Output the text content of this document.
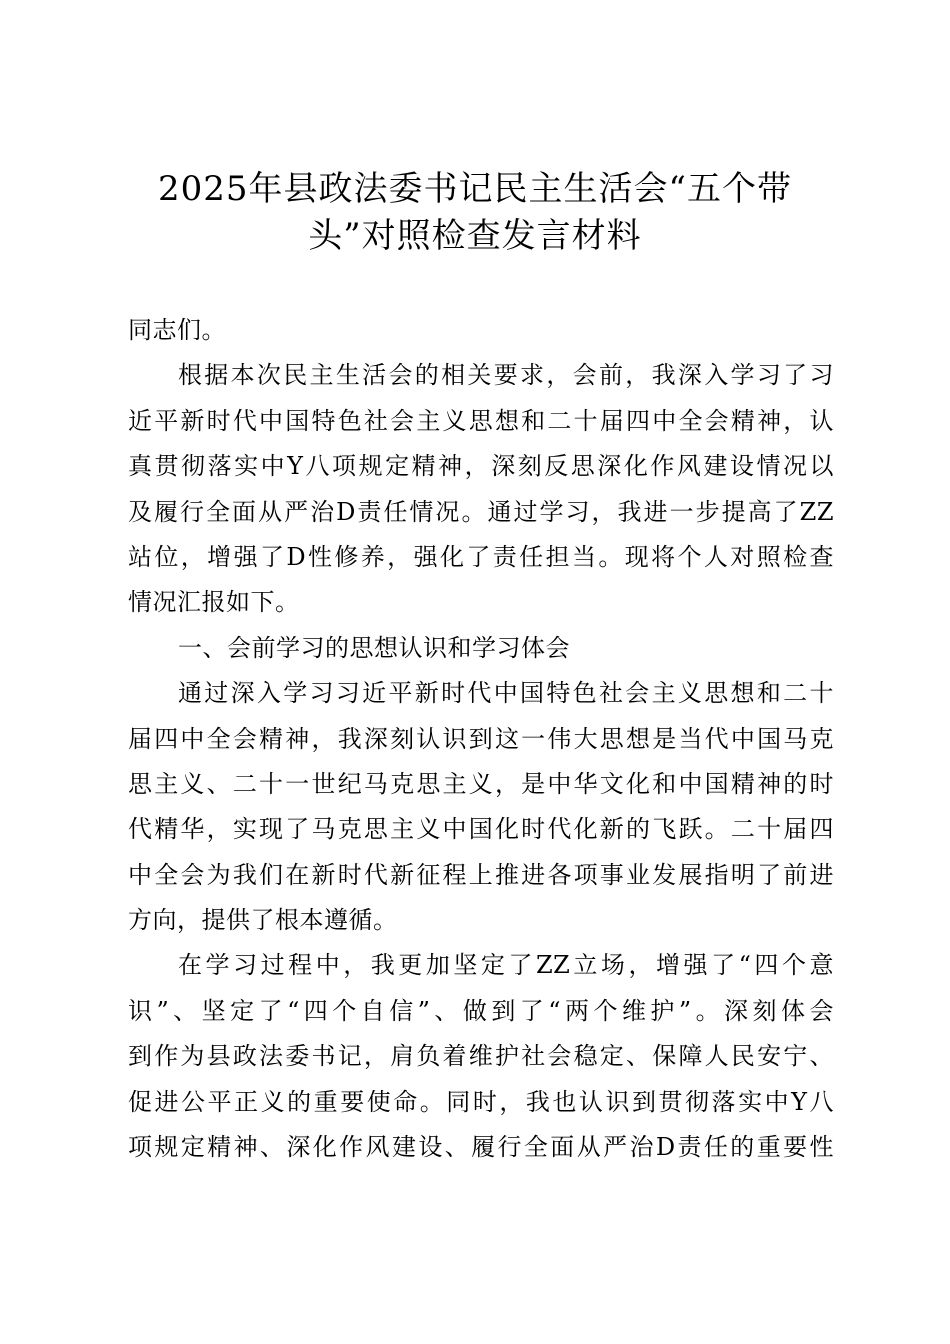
2025年县政法委书记民主生活会“五个带
头”对照检查发言材料
同志们。
根据本次民主生活会的相关要求，会前，我深入学习了习
近平新时代中国特色社会主义思想和二十届四中全会精神，认
真贯彻落实中Y八项规定精神，深刻反思深化作风建设情况以
及履行全面从严治D责任情况。通过学习，我进一步提高了ZZ
站位，增强了D性修养，强化了责任担当。现将个人对照检查
情况汇报如下。
一、会前学习的思想认识和学习体会
通过深入学习习近平新时代中国特色社会主义思想和二十
届四中全会精神，我深刻认识到这一伟大思想是当代中国马克
思主义、二十一世纪马克思主义，是中华文化和中国精神的时
代精华，实现了马克思主义中国化时代化新的飞跃。二十届四
中全会为我们在新时代新征程上推进各项事业发展指明了前进
方向，提供了根本遵循。
在学习过程中，我更加坚定了ZZ立场，增强了“四个意
识”、坚定了“四个自信”、做到了“两个维护”。深刻体会
到作为县政法委书记，肩负着维护社会稳定、保障人民安宁、
促进公平正义的重要使命。同时，我也认识到贯彻落实中Y八
项规定精神、深化作风建设、履行全面从严治D责任的重要性
